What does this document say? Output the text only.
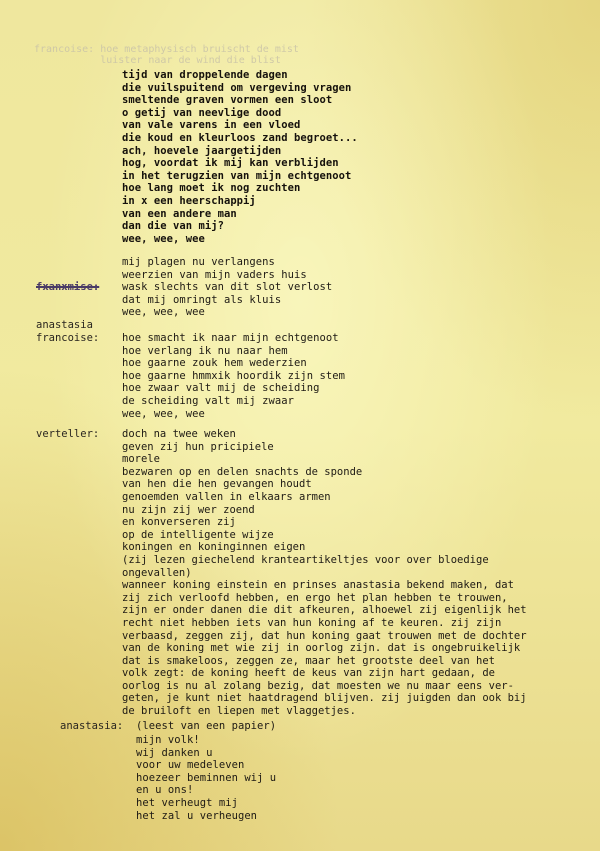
francoise: hoe metaphysisch bruischt de mist
luister naar de wind die blist
tijd van droppelende dagen
die vuilspuitend om vergeving vragen
smeltende graven vormen een sloot
o getij van neevlige dood
van vale varens in een vloed
die koud en kleurloos zand begroet...
ach, hoevele jaargetijden
hog, voordat ik mij kan verblijden
in het terugzien van mijn echtgenoot
hoe lang moet ik nog zuchten
in x een heerschappij
van een andere man
dan die van mij?
wee, wee, wee

fxanxmise:

anastasia

mij plagen nu verlangens
weerzien van mijn vaders huis
wask slechts van dit slot verlost
dat mij omringt als kluis
wee, wee, wee
francoise: hoe smacht ik naar mijn echtgenoot
hoe verlang ik nu naar hem
hoe gaarne zouk hem wederzien
hoe gaarne hmmxik hoordik zijn stem
hoe zwaar valt mij de scheiding
de scheiding valt mij zwaar
wee, wee, wee
verteller: doch na twee weken
geven zij hun pricipiele
morele
bezwaren op en delen snachts de sponde
van hen die hen gevangen houdt
genoemden vallen in elkaars armen
nu zijn zij wer zoend
en konverseren zij
op de intelligente wijze
koningen en koninginnen eigen
(zij lezen giechelend kranteartikeltjes voor over bloedige
ongevallen)
wanneer koning einstein en prinses anastasia bekend maken, dat
zij zich verloofd hebben, en ergo het plan hebben te trouwen,
zijn er onder danen die dit afkeuren, alhoewel zij eigenlijk het
recht niet hebben iets van hun koning af te keuren. zij zijn
verbaasd, zeggen zij, dat hun koning gaat trouwen met de dochter
van de koning met wie zij in oorlog zijn. dat is ongebruikelijk
dat is smakeloos, zeggen ze, maar het grootste deel van het
volk zegt: de koning heeft de keus van zijn hart gedaan, de
oorlog is nu al zolang bezig, dat moesten we nu maar eens ver-
geten, je kunt niet haatdragend blijven. zij juigden dan ook bij
de bruiloft en liepen met vlaggetjes.
anastasia: (leest van een papier)
mijn volk!
wij danken u
voor uw medeleven
hoezeer beminnen wij u
en u ons!
het verheugt mij
het zal u verheugen
